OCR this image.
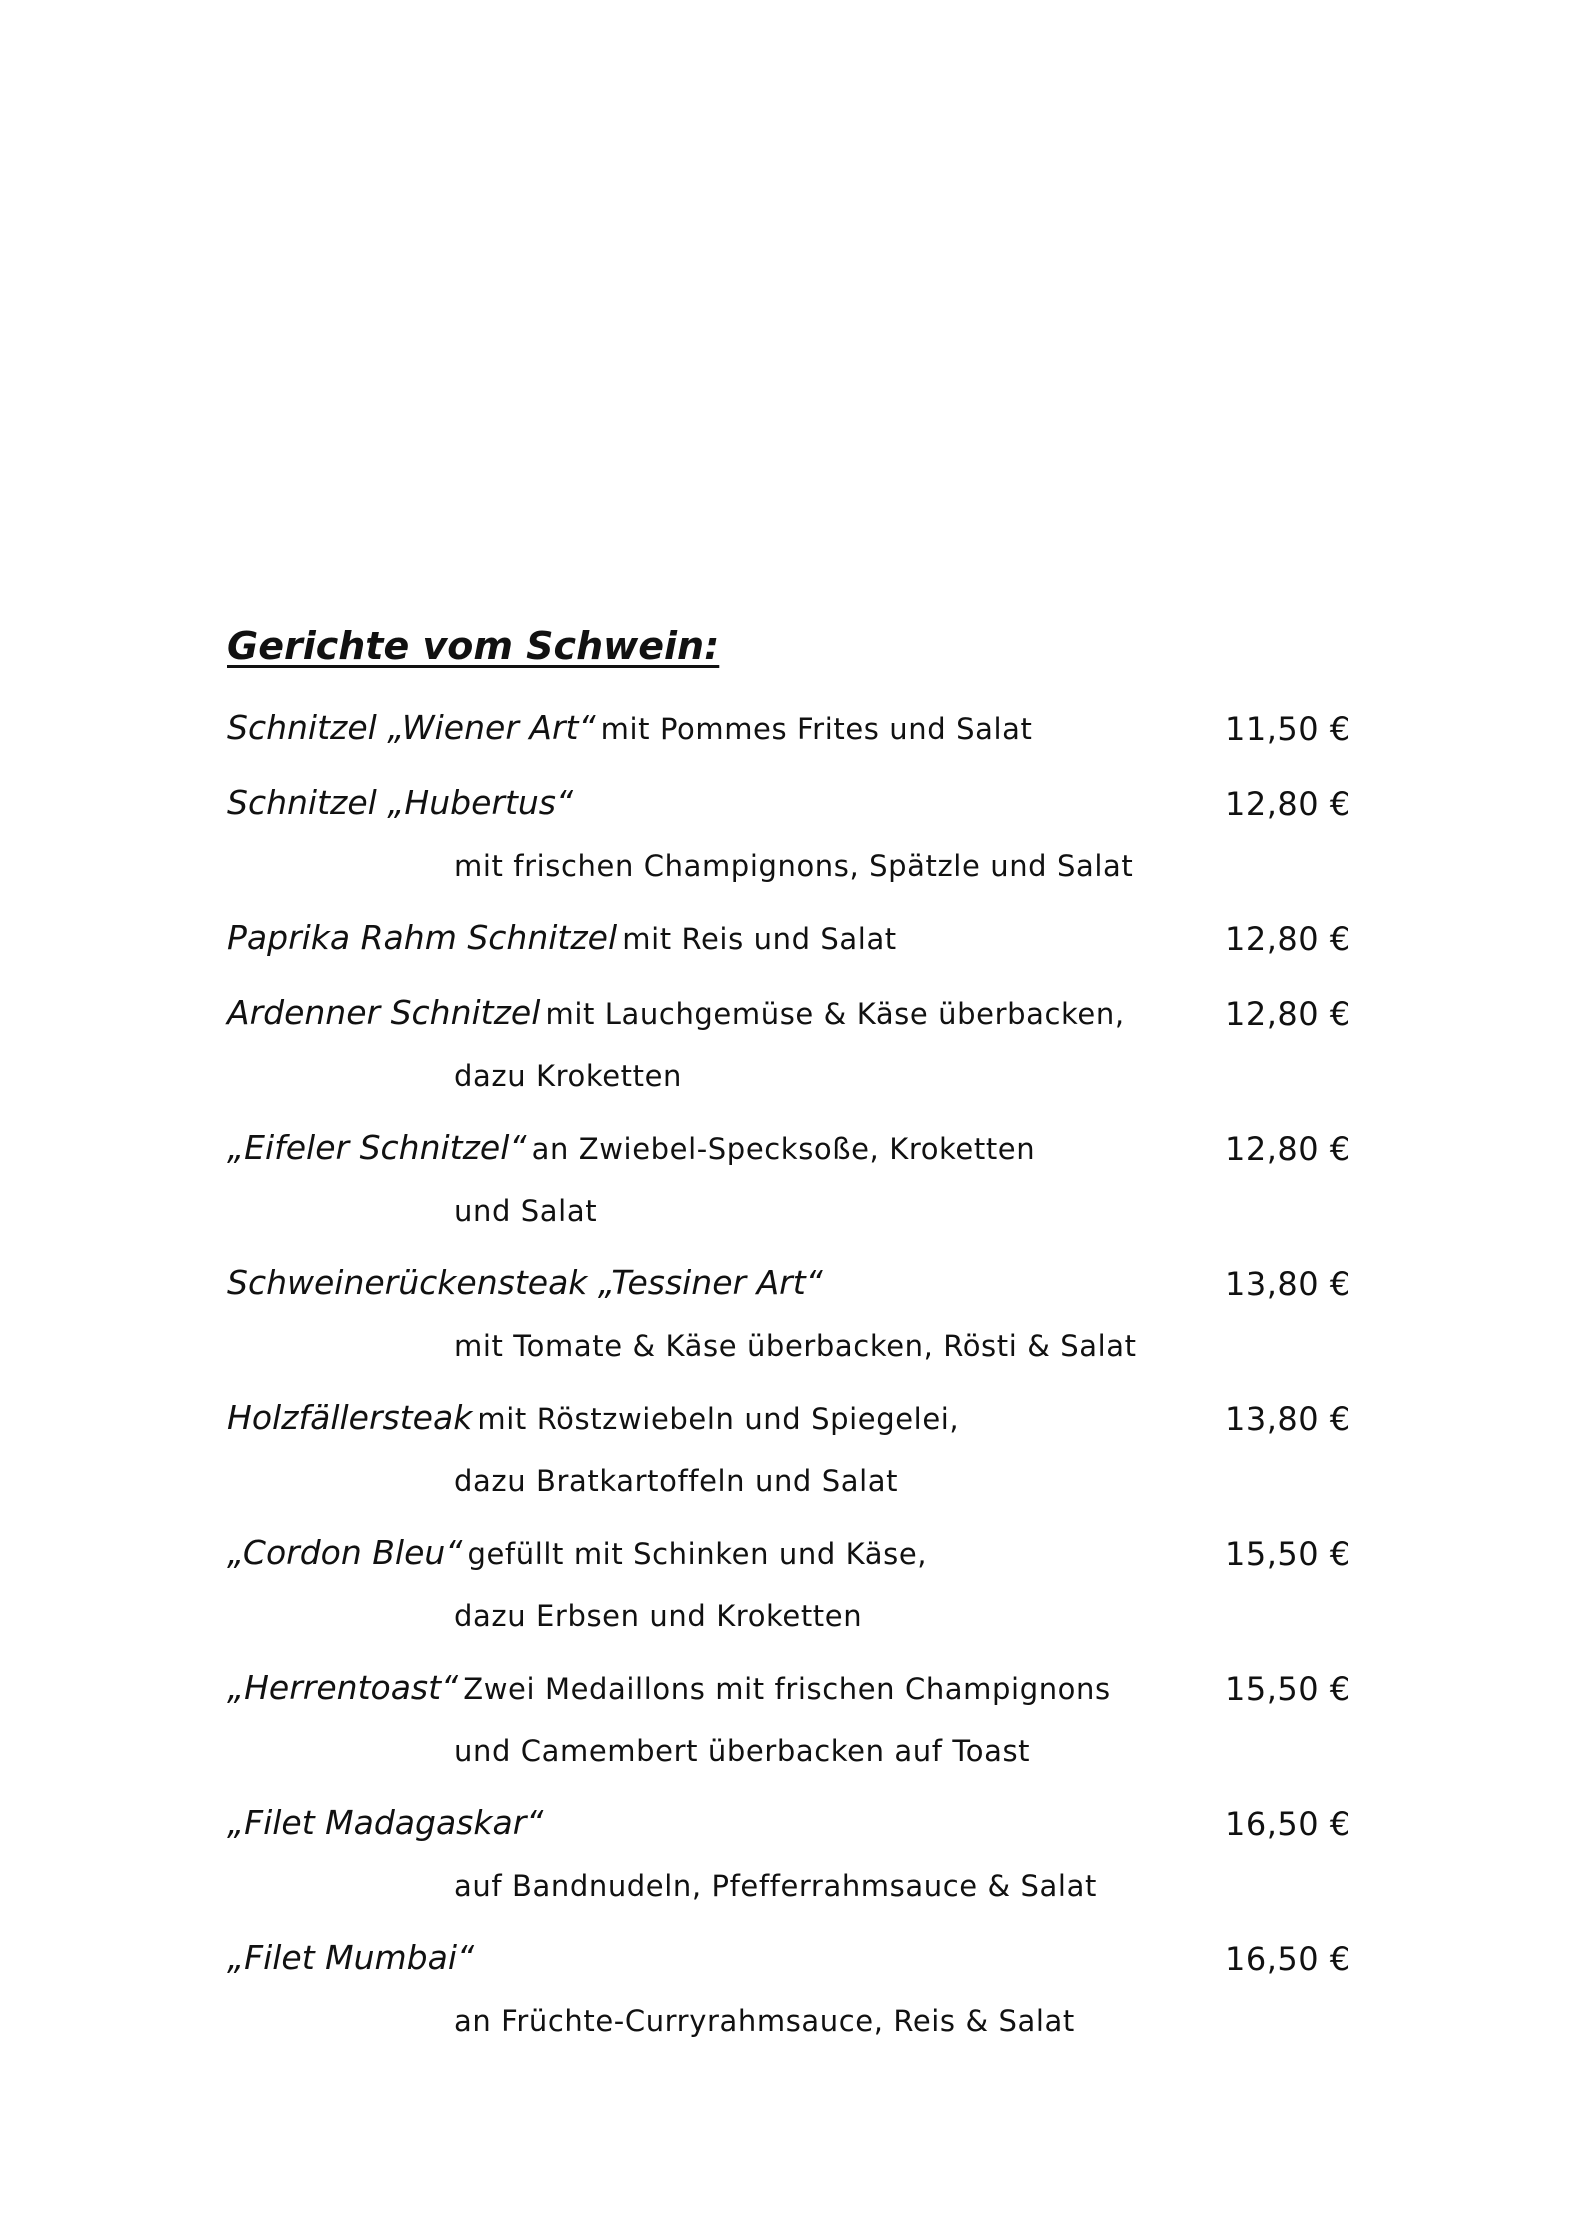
Gerichte vom Schwein:
Schnitzel „Wiener Art“ mit Pommes Frites und Salat	11,50 €
Schnitzel „Hubertus“	12,80 €
mit frischen Champignons, Spätzle und Salat
Paprika Rahm Schnitzel mit Reis und Salat	12,80 €
Ardenner Schnitzel mit Lauchgemüse & Käse überbacken,	12,80 €
dazu Kroketten
„Eifeler Schnitzel“ an Zwiebel-Specksoße, Kroketten	12,80 €
und Salat
Schweinerückensteak „Tessiner Art“	13,80 €
mit Tomate & Käse überbacken, Rösti & Salat
Holzfällersteak mit Röstzwiebeln und Spiegelei,	13,80 €
dazu Bratkartoffeln und Salat
„Cordon Bleu“ gefüllt mit Schinken und Käse,	15,50 €
dazu Erbsen und Kroketten
„Herrentoast“ Zwei Medaillons mit frischen Champignons	15,50 €
und Camembert überbacken auf Toast
„Filet Madagaskar“	16,50 €
auf Bandnudeln, Pfefferrahmsauce & Salat
„Filet Mumbai“	16,50 €
an Früchte-Curryrahmsauce, Reis & Salat
